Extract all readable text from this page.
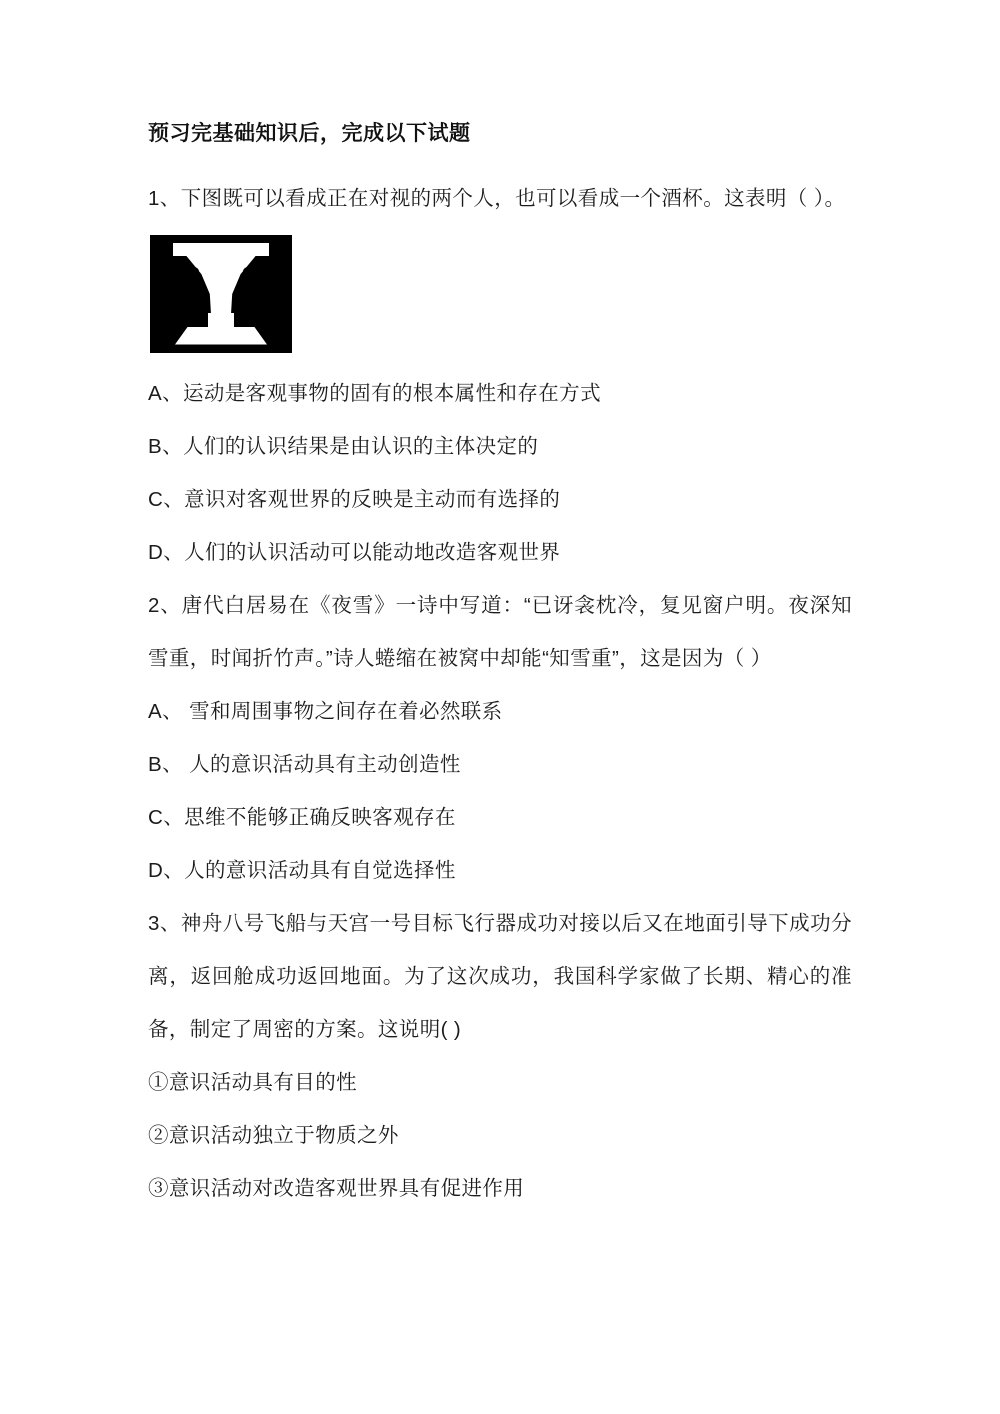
预习完基础知识后，完成以下试题

1、下图既可以看成正在对视的两个人，也可以看成一个酒杯。这表明（ ）。

A、运动是客观事物的固有的根本属性和存在方式

B、人们的认识结果是由认识的主体决定的

C、意识对客观世界的反映是主动而有选择的

D、人们的认识活动可以能动地改造客观世界

2、唐代白居易在《夜雪》一诗中写道：“已讶衾枕冷，复见窗户明。夜深知雪重，时闻折竹声。”诗人蜷缩在被窝中却能“知雪重”，这是因为（ ）

A、 雪和周围事物之间存在着必然联系

B、 人的意识活动具有主动创造性

C、思维不能够正确反映客观存在

D、人的意识活动具有自觉选择性

3、神舟八号飞船与天宫一号目标飞行器成功对接以后又在地面引导下成功分离，返回舱成功返回地面。为了这次成功，我国科学家做了长期、精心的准备，制定了周密的方案。这说明( )

①意识活动具有目的性

②意识活动独立于物质之外

③意识活动对改造客观世界具有促进作用
